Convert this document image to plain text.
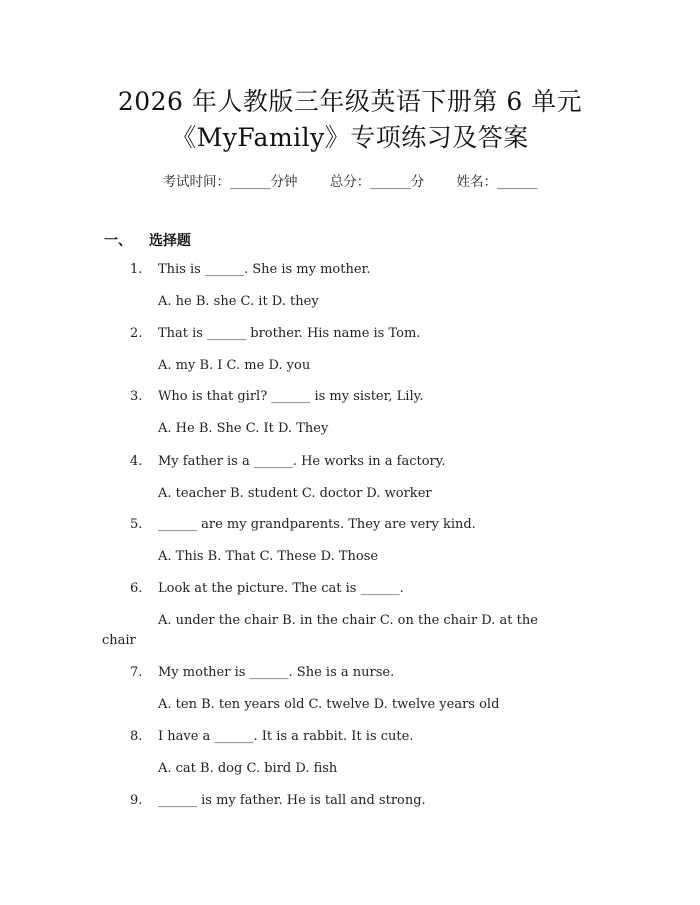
2026 年人教版三年级英语下册第 6 单元
《MyFamily》专项练习及答案
考试时间：______分钟 总分：______分 姓名：______
一、 选择题
1. This is ______. She is my mother.
A. he B. she C. it D. they
2. That is ______ brother. His name is Tom.
A. my B. I C. me D. you
3. Who is that girl? ______ is my sister, Lily.
A. He B. She C. It D. They
4. My father is a ______. He works in a factory.
A. teacher B. student C. doctor D. worker
5. ______ are my grandparents. They are very kind.
A. This B. That C. These D. Those
6. Look at the picture. The cat is ______.
A. under the chair B. in the chair C. on the chair D. at the
chair
7. My mother is ______. She is a nurse.
A. ten B. ten years old C. twelve D. twelve years old
8. I have a ______. It is a rabbit. It is cute.
A. cat B. dog C. bird D. fish
9. ______ is my father. He is tall and strong.
